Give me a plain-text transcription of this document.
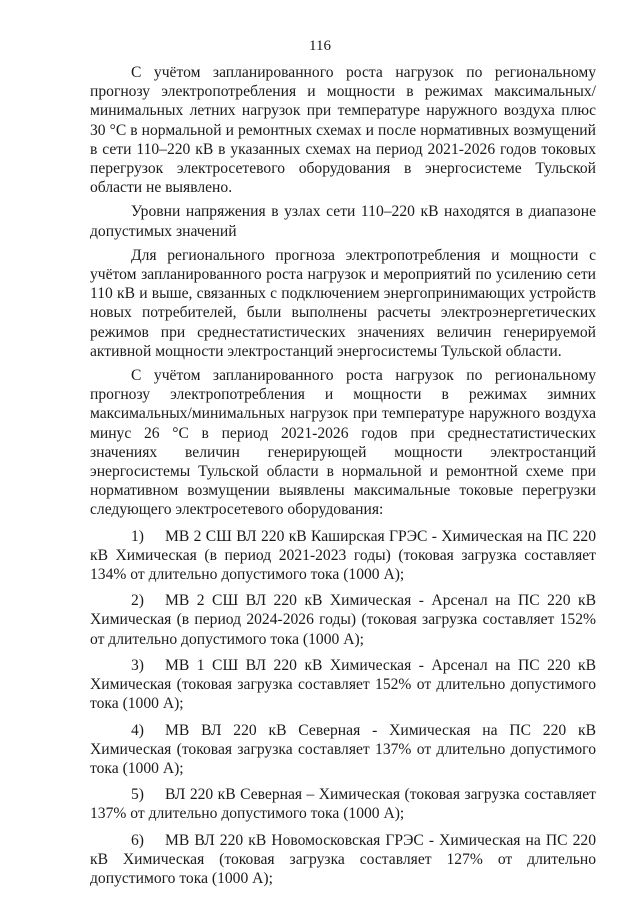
116

С учётом запланированного роста нагрузок по региональному прогнозу электропотребления и мощности в режимах максимальных/минимальных летних нагрузок при температуре наружного воздуха плюс 30 °С в нормальной и ремонтных схемах и после нормативных возмущений в сети 110–220 кВ в указанных схемах на период 2021-2026 годов токовых перегрузок электросетевого оборудования в энергосистеме Тульской области не выявлено.

Уровни напряжения в узлах сети 110–220 кВ находятся в диапазоне допустимых значений

Для регионального прогноза электропотребления и мощности с учётом запланированного роста нагрузок и мероприятий по усилению сети 110 кВ и выше, связанных с подключением энергопринимающих устройств новых потребителей, были выполнены расчеты электроэнергетических режимов при среднестатистических значениях величин генерируемой активной мощности электростанций энергосистемы Тульской области.

С учётом запланированного роста нагрузок по региональному прогнозу электропотребления и мощности в режимах зимних максимальных/минимальных нагрузок при температуре наружного воздуха минус 26 °С в период 2021-2026 годов при среднестатистических значениях величин генерирующей мощности электростанций энергосистемы Тульской области в нормальной и ремонтной схеме при нормативном возмущении выявлены максимальные токовые перегрузки следующего электросетевого оборудования:

1) МВ 2 СШ ВЛ 220 кВ Каширская ГРЭС - Химическая на ПС 220 кВ Химическая (в период 2021-2023 годы) (токовая загрузка составляет 134% от длительно допустимого тока (1000 А);
2) МВ 2 СШ ВЛ 220 кВ Химическая - Арсенал на ПС 220 кВ Химическая (в период 2024-2026 годы) (токовая загрузка составляет 152% от длительно допустимого тока (1000 А);
3) МВ 1 СШ ВЛ 220 кВ Химическая - Арсенал на ПС 220 кВ Химическая (токовая загрузка составляет 152% от длительно допустимого тока (1000 А);
4) МВ ВЛ 220 кВ Северная - Химическая на ПС 220 кВ Химическая (токовая загрузка составляет 137% от длительно допустимого тока (1000 А);
5) ВЛ 220 кВ Северная – Химическая (токовая загрузка составляет 137% от длительно допустимого тока (1000 А);
6) МВ ВЛ 220 кВ Новомосковская ГРЭС - Химическая на ПС 220 кВ Химическая (токовая загрузка составляет 127% от длительно допустимого тока (1000 А);
